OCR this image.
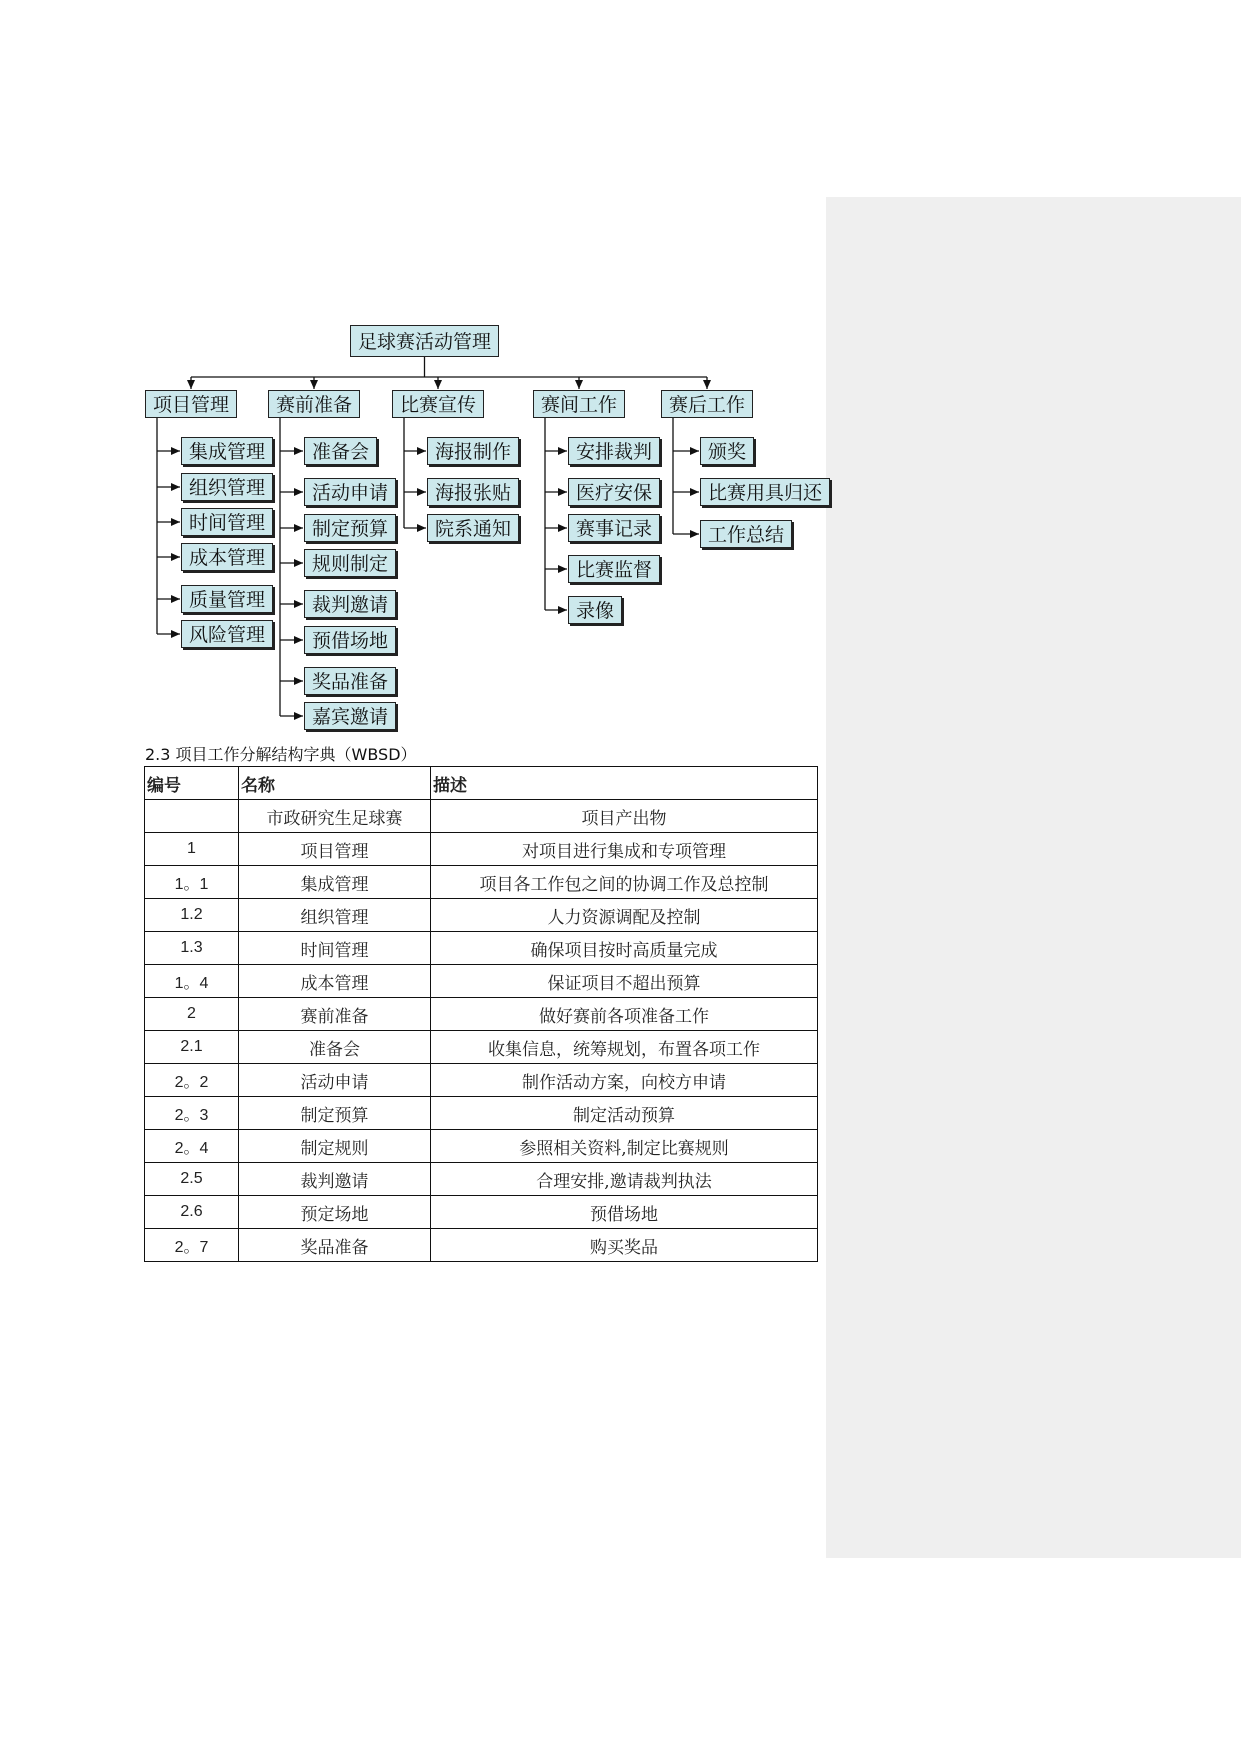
足球赛活动管理
项目管理	赛前准备	比赛宣传	赛间工作	赛后工作
集成管理
组织管理
时间管理
成本管理
质量管理
风险管理
准备会
活动申请
制定预算
规则制定
裁判邀请
预借场地
奖品准备
嘉宾邀请
海报制作
海报张贴
院系通知
安排裁判
医疗安保
赛事记录
比赛监督
录像
颁奖
比赛用具归还
工作总结
2.3 项目工作分解结构字典（WBSD）
编号	名称	描述
	市政研究生足球赛	项目产出物
1	项目管理	对项目进行集成和专项管理
1。1	集成管理	项目各工作包之间的协调工作及总控制
1.2	组织管理	人力资源调配及控制
1.3	时间管理	确保项目按时高质量完成
1。4	成本管理	保证项目不超出预算
2	赛前准备	做好赛前各项准备工作
2.1	准备会	收集信息，统筹规划，布置各项工作
2。2	活动申请	制作活动方案，向校方申请
2。3	制定预算	制定活动预算
2。4	制定规则	参照相关资料,制定比赛规则
2.5	裁判邀请	合理安排,邀请裁判执法
2.6	预定场地	预借场地
2。7	奖品准备	购买奖品
